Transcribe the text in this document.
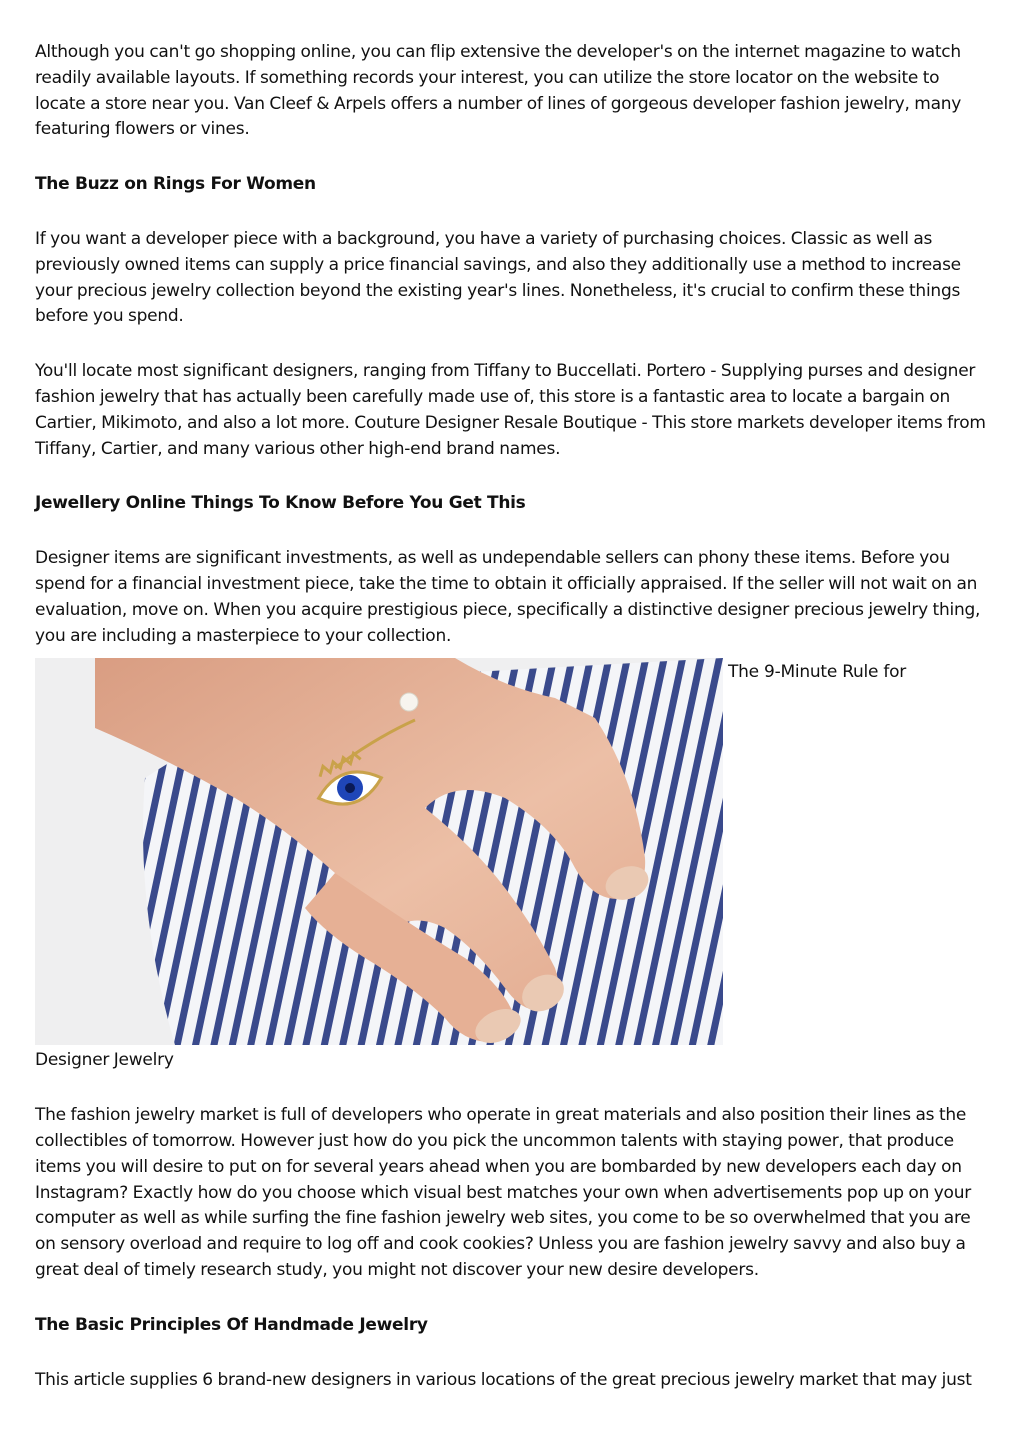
Although you can't go shopping online, you can flip extensive the developer's on the internet magazine to watch readily available layouts. If something records your interest, you can utilize the store locator on the website to locate a store near you. Van Cleef & Arpels offers a number of lines of gorgeous developer fashion jewelry, many featuring flowers or vines.

The Buzz on Rings For Women

If you want a developer piece with a background, you have a variety of purchasing choices. Classic as well as previously owned items can supply a price financial savings, and also they additionally use a method to increase your precious jewelry collection beyond the existing year's lines. Nonetheless, it's crucial to confirm these things before you spend.

You'll locate most significant designers, ranging from Tiffany to Buccellati. Portero - Supplying purses and designer fashion jewelry that has actually been carefully made use of, this store is a fantastic area to locate a bargain on Cartier, Mikimoto, and also a lot more. Couture Designer Resale Boutique - This store markets developer items from Tiffany, Cartier, and many various other high-end brand names.

Jewellery Online Things To Know Before You Get This

Designer items are significant investments, as well as undependable sellers can phony these items. Before you spend for a financial investment piece, take the time to obtain it officially appraised. If the seller will not wait on an evaluation, move on. When you acquire prestigious piece, specifically a distinctive designer precious jewelry thing, you are including a masterpiece to your collection.

The 9-Minute Rule for

Designer Jewelry

The fashion jewelry market is full of developers who operate in great materials and also position their lines as the collectibles of tomorrow. However just how do you pick the uncommon talents with staying power, that produce items you will desire to put on for several years ahead when you are bombarded by new developers each day on Instagram? Exactly how do you choose which visual best matches your own when advertisements pop up on your computer as well as while surfing the fine fashion jewelry web sites, you come to be so overwhelmed that you are on sensory overload and require to log off and cook cookies? Unless you are fashion jewelry savvy and also buy a great deal of timely research study, you might not discover your new desire developers.

The Basic Principles Of Handmade Jewelry

This article supplies 6 brand-new designers in various locations of the great precious jewelry market that may just
